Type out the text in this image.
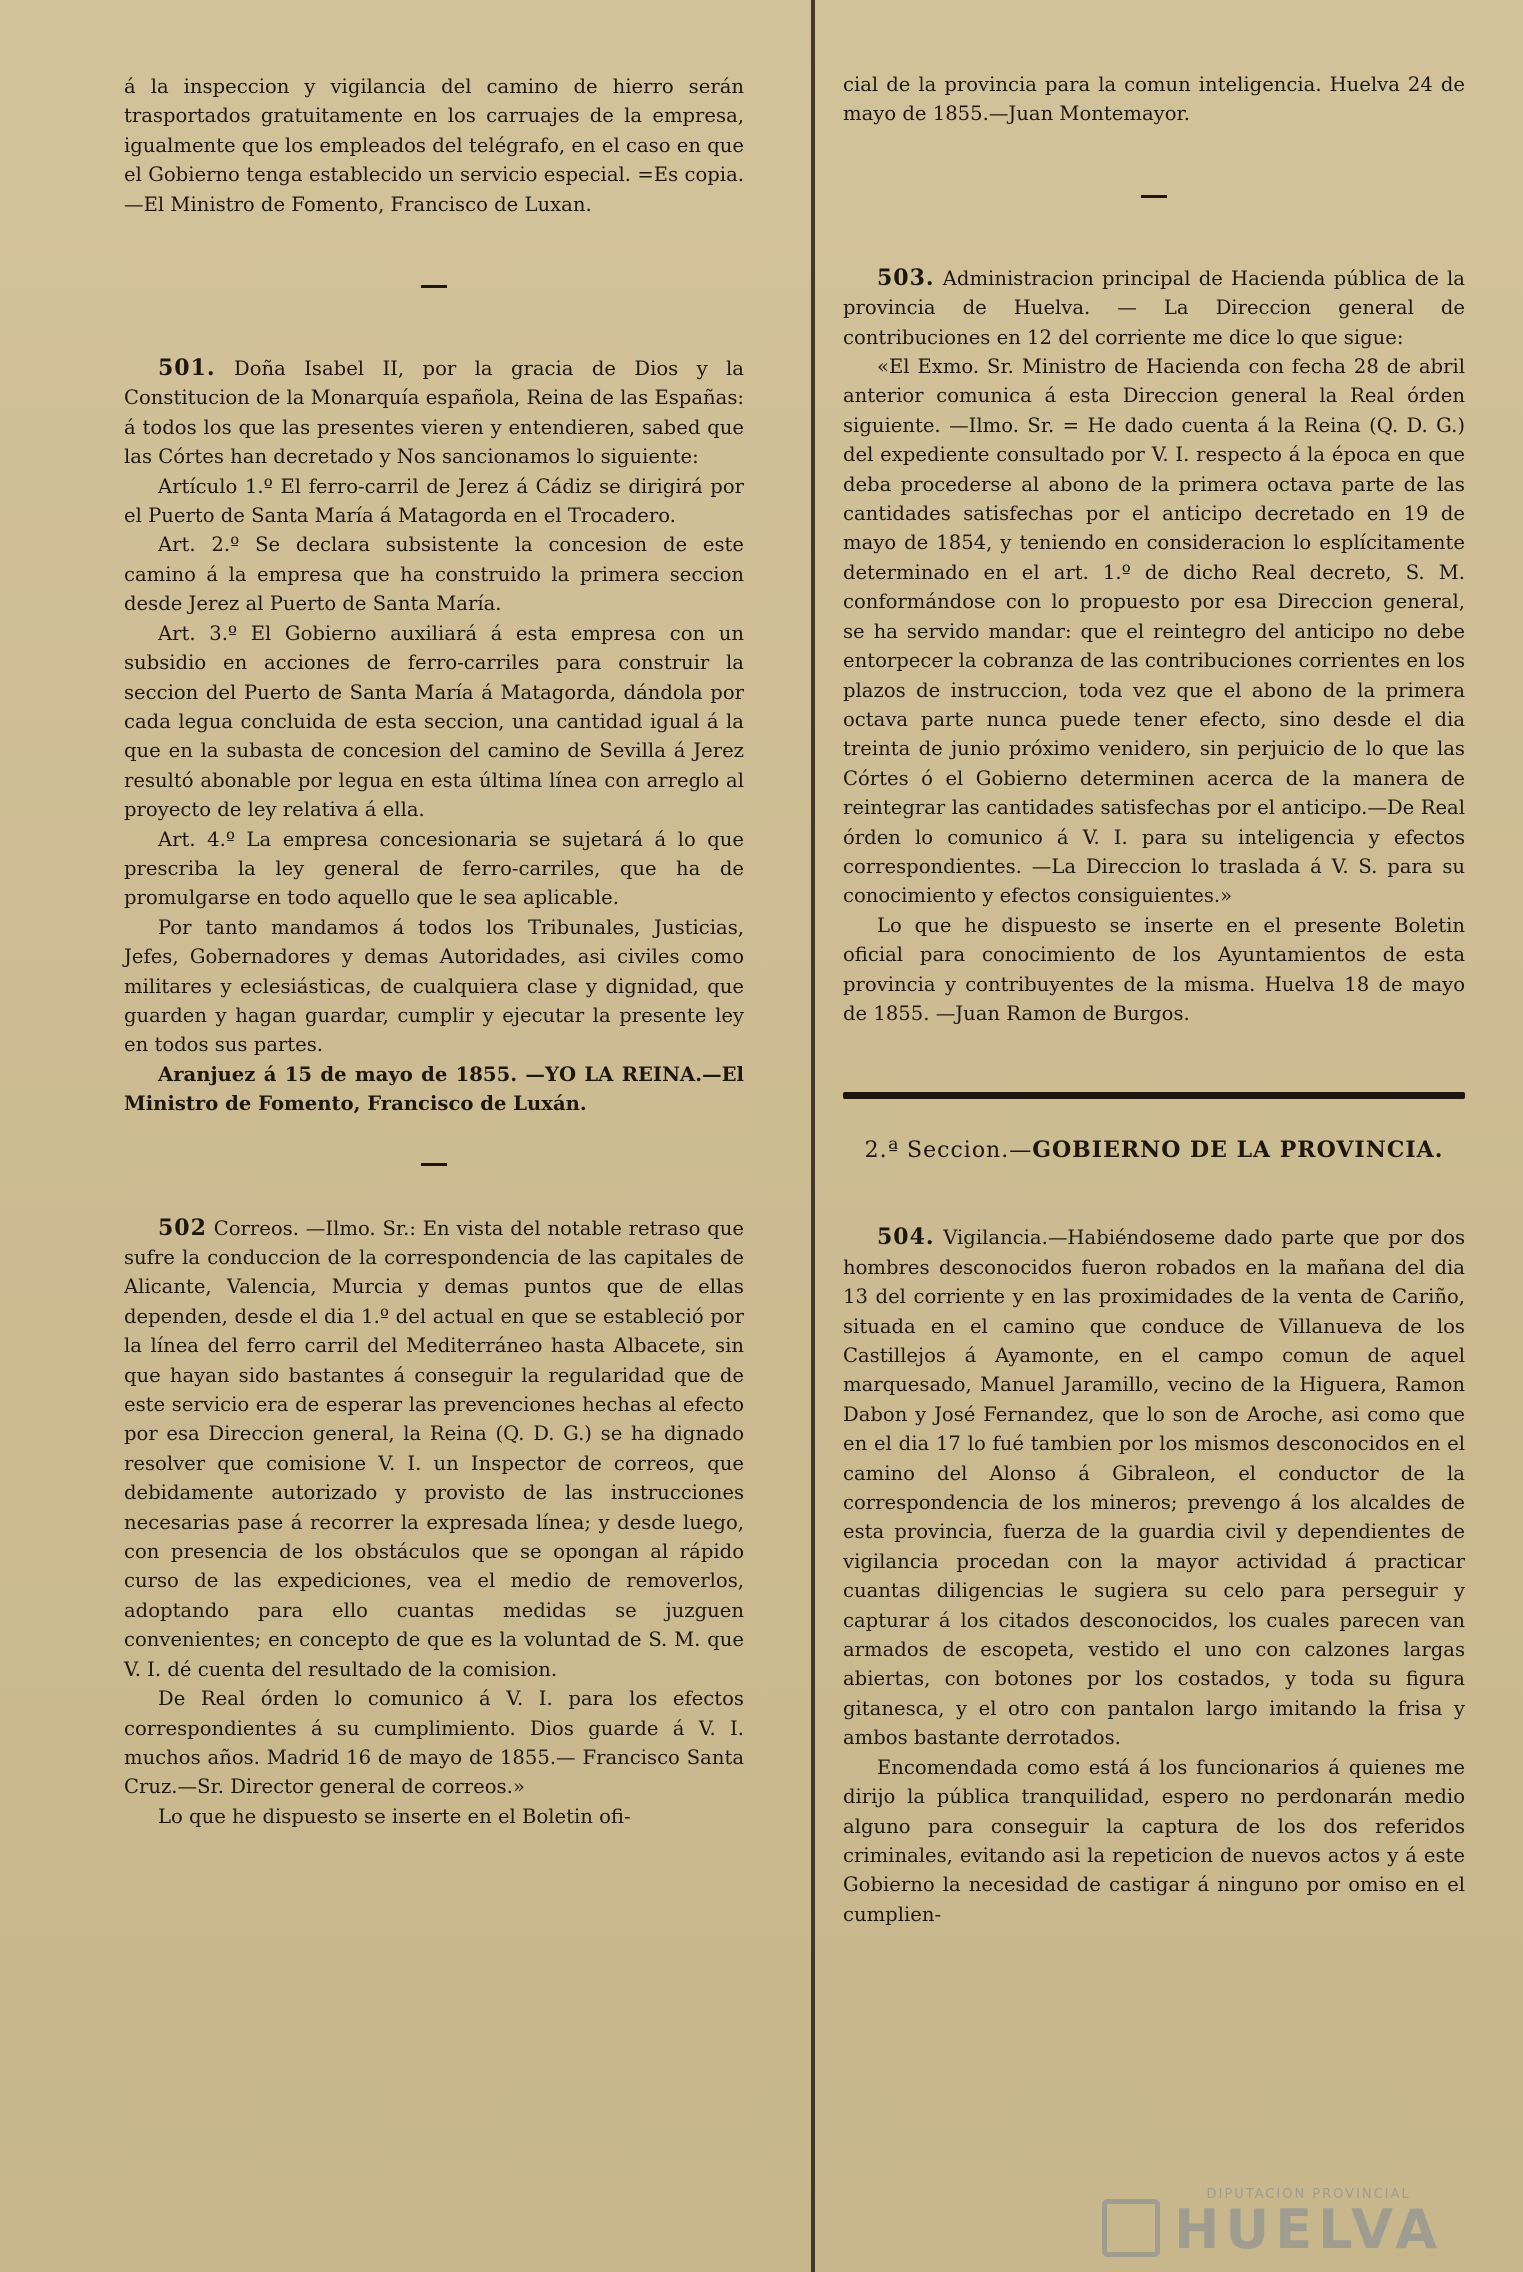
á la inspeccion y vigilancia del camino de hierro serán trasportados gratuitamente en los carruajes de la empresa, igualmente que los empleados del telégrafo, en el caso en que el Gobierno tenga establecido un servicio especial. =Es copia.—El Ministro de Fomento, Francisco de Luxan.

501. Doña Isabel II, por la gracia de Dios y la Constitucion de la Monarquía española, Reina de las Españas: á todos los que las presentes vieren y entendieren, sabed que las Córtes han decretado y Nos sancionamos lo siguiente:

Artículo 1.º El ferro-carril de Jerez á Cádiz se dirigirá por el Puerto de Santa María á Matagorda en el Trocadero.

Art. 2.º Se declara subsistente la concesion de este camino á la empresa que ha construido la primera seccion desde Jerez al Puerto de Santa María.

Art. 3.º El Gobierno auxiliará á esta empresa con un subsidio en acciones de ferro-carriles para construir la seccion del Puerto de Santa María á Matagorda, dándola por cada legua concluida de esta seccion, una cantidad igual á la que en la subasta de concesion del camino de Sevilla á Jerez resultó abonable por legua en esta última línea con arreglo al proyecto de ley relativa á ella.

Art. 4.º La empresa concesionaria se sujetará á lo que prescriba la ley general de ferro-carriles, que ha de promulgarse en todo aquello que le sea aplicable.

Por tanto mandamos á todos los Tribunales, Justicias, Jefes, Gobernadores y demas Autoridades, asi civiles como militares y eclesiásticas, de cualquiera clase y dignidad, que guarden y hagan guardar, cumplir y ejecutar la presente ley en todos sus partes.

Aranjuez á 15 de mayo de 1855. —YO LA REINA.—El Ministro de Fomento, Francisco de Luxán.

502 Correos. —Ilmo. Sr.: En vista del notable retraso que sufre la conduccion de la correspondencia de las capitales de Alicante, Valencia, Murcia y demas puntos que de ellas dependen, desde el dia 1.º del actual en que se estableció por la línea del ferro carril del Mediterráneo hasta Albacete, sin que hayan sido bastantes á conseguir la regularidad que de este servicio era de esperar las prevenciones hechas al efecto por esa Direccion general, la Reina (Q. D. G.) se ha dignado resolver que comisione V. I. un Inspector de correos, que debidamente autorizado y provisto de las instrucciones necesarias pase á recorrer la expresada línea; y desde luego, con presencia de los obstáculos que se opongan al rápido curso de las expediciones, vea el medio de removerlos, adoptando para ello cuantas medidas se juzguen convenientes; en concepto de que es la voluntad de S. M. que V. I. dé cuenta del resultado de la comision.

De Real órden lo comunico á V. I. para los efectos correspondientes á su cumplimiento. Dios guarde á V. I. muchos años. Madrid 16 de mayo de 1855.— Francisco Santa Cruz.—Sr. Director general de correos.»

Lo que he dispuesto se inserte en el Boletin ofi-

cial de la provincia para la comun inteligencia. Huelva 24 de mayo de 1855.—Juan Montemayor.

503. Administracion principal de Hacienda pública de la provincia de Huelva. — La Direccion general de contribuciones en 12 del corriente me dice lo que sigue:

«El Exmo. Sr. Ministro de Hacienda con fecha 28 de abril anterior comunica á esta Direccion general la Real órden siguiente. —Ilmo. Sr. = He dado cuenta á la Reina (Q. D. G.) del expediente consultado por V. I. respecto á la época en que deba procederse al abono de la primera octava parte de las cantidades satisfechas por el anticipo decretado en 19 de mayo de 1854, y teniendo en consideracion lo esplícitamente determinado en el art. 1.º de dicho Real decreto, S. M. conformándose con lo propuesto por esa Direccion general, se ha servido mandar: que el reintegro del anticipo no debe entorpecer la cobranza de las contribuciones corrientes en los plazos de instruccion, toda vez que el abono de la primera octava parte nunca puede tener efecto, sino desde el dia treinta de junio próximo venidero, sin perjuicio de lo que las Córtes ó el Gobierno determinen acerca de la manera de reintegrar las cantidades satisfechas por el anticipo.—De Real órden lo comunico á V. I. para su inteligencia y efectos correspondientes. —La Direccion lo traslada á V. S. para su conocimiento y efectos consiguientes.»

Lo que he dispuesto se inserte en el presente Boletin oficial para conocimiento de los Ayuntamientos de esta provincia y contribuyentes de la misma. Huelva 18 de mayo de 1855. —Juan Ramon de Burgos.

2.ª Seccion.—GOBIERNO DE LA PROVINCIA.

504. Vigilancia.—Habiéndoseme dado parte que por dos hombres desconocidos fueron robados en la mañana del dia 13 del corriente y en las proximidades de la venta de Cariño, situada en el camino que conduce de Villanueva de los Castillejos á Ayamonte, en el campo comun de aquel marquesado, Manuel Jaramillo, vecino de la Higuera, Ramon Dabon y José Fernandez, que lo son de Aroche, asi como que en el dia 17 lo fué tambien por los mismos desconocidos en el camino del Alonso á Gibraleon, el conductor de la correspondencia de los mineros; prevengo á los alcaldes de esta provincia, fuerza de la guardia civil y dependientes de vigilancia procedan con la mayor actividad á practicar cuantas diligencias le sugiera su celo para perseguir y capturar á los citados desconocidos, los cuales parecen van armados de escopeta, vestido el uno con calzones largas abiertas, con botones por los costados, y toda su figura gitanesca, y el otro con pantalon largo imitando la frisa y ambos bastante derrotados.

Encomendada como está á los funcionarios á quienes me dirijo la pública tranquilidad, espero no perdonarán medio alguno para conseguir la captura de los dos referidos criminales, evitando asi la repeticion de nuevos actos y á este Gobierno la necesidad de castigar á ninguno por omiso en el cumplien-

DIPUTACIÓN PROVINCIAL
HUELVA
